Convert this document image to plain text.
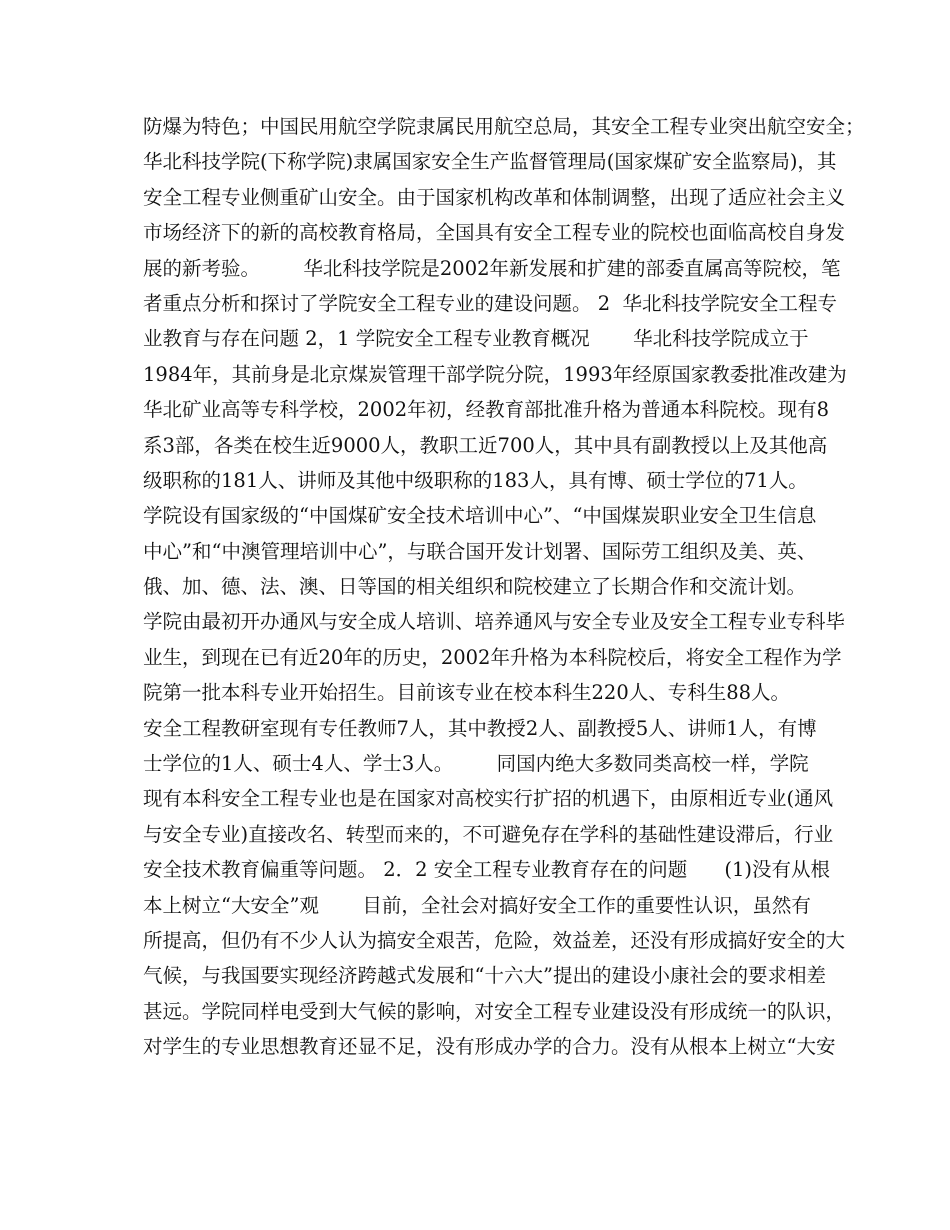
防爆为特色；中国民用航空学院隶属民用航空总局，其安全工程专业突出航空安全；
华北科技学院(下称学院)隶属国家安全生产监督管理局(国家煤矿安全监察局)，其
安全工程专业侧重矿山安全。由于国家机构改革和体制调整，出现了适应社会主义
市场经济下的新的高校教育格局，全国具有安全工程专业的院校也面临高校自身发
展的新考验。       华北科技学院是2002年新发展和扩建的部委直属高等院校，笔
者重点分析和探讨了学院安全工程专业的建设问题。 2  华北科技学院安全工程专
业教育与存在问题 2，1 学院安全工程专业教育概况       华北科技学院成立于
1984年，其前身是北京煤炭管理干部学院分院，1993年经原国家教委批准改建为
华北矿业高等专科学校，2002年初，经教育部批准升格为普通本科院校。现有8
系3部，各类在校生近9000人，教职工近700人，其中具有副教授以上及其他高
级职称的181人、讲师及其他中级职称的183人，具有博、硕士学位的71人。
学院设有国家级的“中国煤矿安全技术培训中心”、“中国煤炭职业安全卫生信息
中心”和“中澳管理培训中心”，与联合国开发计划署、国际劳工组织及美、英、
俄、加、德、法、澳、日等国的相关组织和院校建立了长期合作和交流计划。
学院由最初开办通风与安全成人培训、培养通风与安全专业及安全工程专业专科毕
业生，到现在已有近20年的历史，2002年升格为本科院校后，将安全工程作为学
院第一批本科专业开始招生。目前该专业在校本科生220人、专科生88人。
安全工程教研室现有专任教师7人，其中教授2人、副教授5人、讲师1人，有博
士学位的1人、硕士4人、学士3人。       同国内绝大多数同类高校一样，学院
现有本科安全工程专业也是在国家对高校实行扩招的机遇下，由原相近专业(通风
与安全专业)直接改名、转型而来的，不可避免存在学科的基础性建设滞后，行业
安全技术教育偏重等问题。 2．2 安全工程专业教育存在的问题      (1)没有从根
本上树立“大安全”观       目前，全社会对搞好安全工作的重要性认识，虽然有
所提高，但仍有不少人认为搞安全艰苦，危险，效益差，还没有形成搞好安全的大
气候，与我国要实现经济跨越式发展和“十六大”提出的建设小康社会的要求相差
甚远。学院同样电受到大气候的影响，对安全工程专业建设没有形成统一的队识，
对学生的专业思想教育还显不足，没有形成办学的合力。没有从根本上树立“大安
